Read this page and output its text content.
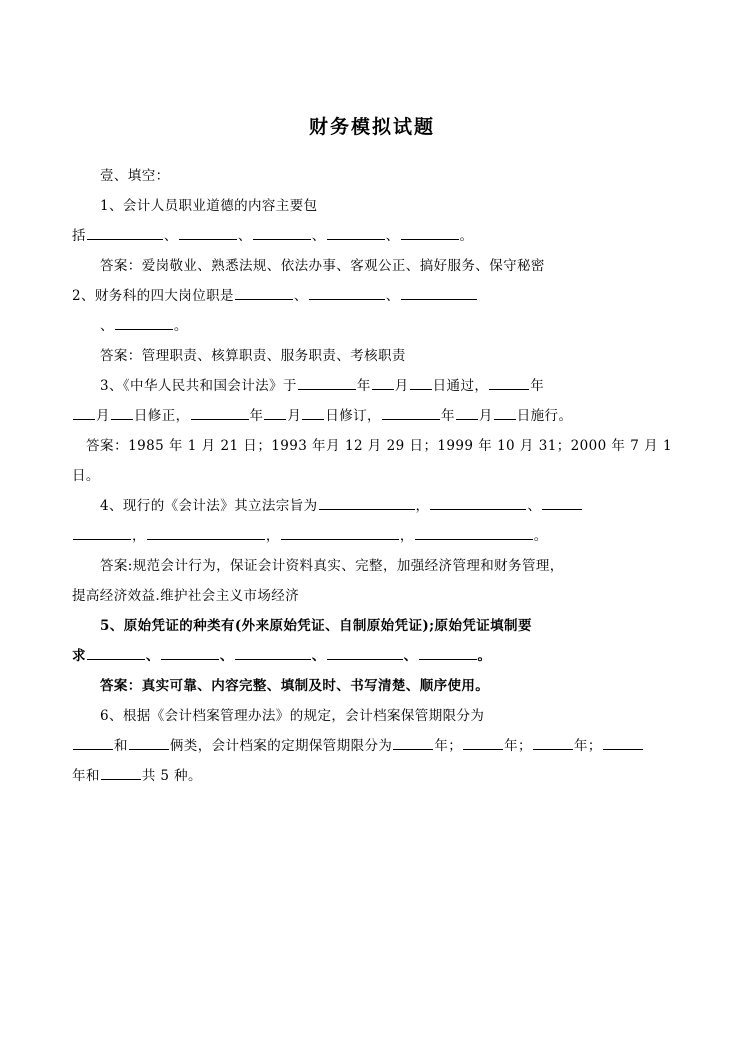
财务模拟试题

壹、填空：

1、会计人员职业道德的内容主要包

括	、	、	、	、	。

答案：爱岗敬业、熟悉法规、依法办事、客观公正、搞好服务、保守秘密

2、财务科的四大岗位职是	、	、

、	。

答案：管理职责、核算职责、服务职责、考核职责

3、《中华人民共和国会计法》于	年 月 日通过，	年

月 日修正，	年 月 日修订，	年 月 日施行。

答案：1985 年 1 月 21 日；1993 年月 12 月 29 日；1999 年 10 月 31；2000 年 7 月 1 日。

4、现行的《会计法》其立法宗旨为	，	、

，	，	，	。

答案:规范会计行为，保证会计资料真实、完整，加强经济管理和财务管理，

提高经济效益.维护社会主义市场经济

5、原始凭证的种类有(外来原始凭证、自制原始凭证);原始凭证填制要

求	、	、	、	、	。

答案：真实可靠、内容完整、填制及时、书写清楚、顺序使用。

6、根据《会计档案管理办法》的规定，会计档案保管期限分为

和	俩类，会计档案的定期保管期限分为	年；	年；	年；

年和	共 5 种。
